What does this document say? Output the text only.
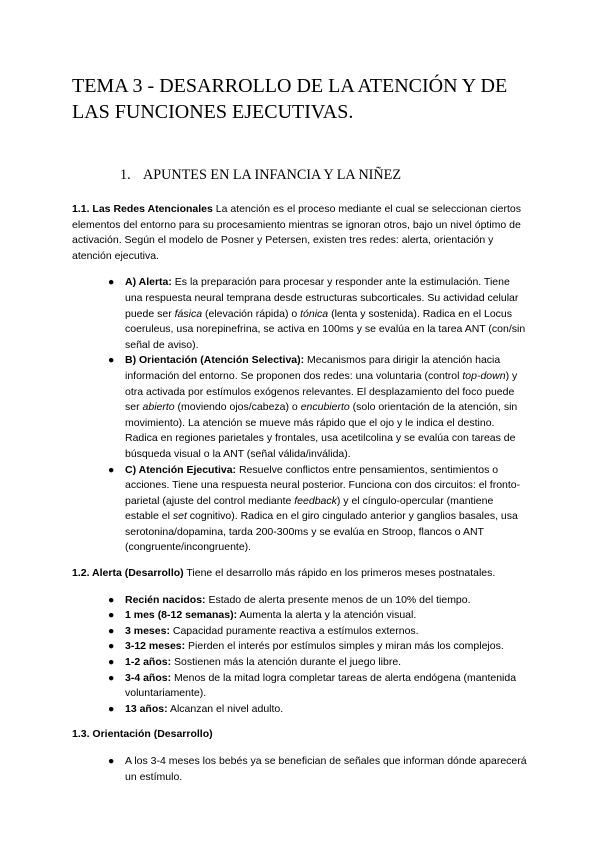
TEMA 3 - DESARROLLO DE LA ATENCIÓN Y DE LAS FUNCIONES EJECUTIVAS.
1. APUNTES EN LA INFANCIA Y LA NIÑEZ

1.1. Las Redes Atencionales La atención es el proceso mediante el cual se seleccionan ciertos elementos del entorno para su procesamiento mientras se ignoran otros, bajo un nivel óptimo de activación. Según el modelo de Posner y Petersen, existen tres redes: alerta, orientación y atención ejecutiva.

● A) Alerta: Es la preparación para procesar y responder ante la estimulación. Tiene una respuesta neural temprana desde estructuras subcorticales. Su actividad celular puede ser fásica (elevación rápida) o tónica (lenta y sostenida). Radica en el Locus coeruleus, usa norepinefrina, se activa en 100ms y se evalúa en la tarea ANT (con/sin señal de aviso).
● B) Orientación (Atención Selectiva): Mecanismos para dirigir la atención hacia información del entorno. Se proponen dos redes: una voluntaria (control top-down) y otra activada por estímulos exógenos relevantes. El desplazamiento del foco puede ser abierto (moviendo ojos/cabeza) o encubierto (solo orientación de la atención, sin movimiento). La atención se mueve más rápido que el ojo y le indica el destino. Radica en regiones parietales y frontales, usa acetilcolina y se evalúa con tareas de búsqueda visual o la ANT (señal válida/inválida).
● C) Atención Ejecutiva: Resuelve conflictos entre pensamientos, sentimientos o acciones. Tiene una respuesta neural posterior. Funciona con dos circuitos: el fronto-parietal (ajuste del control mediante feedback) y el cíngulo-opercular (mantiene estable el set cognitivo). Radica en el giro cingulado anterior y ganglios basales, usa serotonina/dopamina, tarda 200-300ms y se evalúa en Stroop, flancos o ANT (congruente/incongruente).

1.2. Alerta (Desarrollo) Tiene el desarrollo más rápido en los primeros meses postnatales.

● Recién nacidos: Estado de alerta presente menos de un 10% del tiempo.
● 1 mes (8-12 semanas): Aumenta la alerta y la atención visual.
● 3 meses: Capacidad puramente reactiva a estímulos externos.
● 3-12 meses: Pierden el interés por estímulos simples y miran más los complejos.
● 1-2 años: Sostienen más la atención durante el juego libre.
● 3-4 años: Menos de la mitad logra completar tareas de alerta endógena (mantenida voluntariamente).
● 13 años: Alcanzan el nivel adulto.

1.3. Orientación (Desarrollo)

● A los 3-4 meses los bebés ya se benefician de señales que informan dónde aparecerá un estímulo.
